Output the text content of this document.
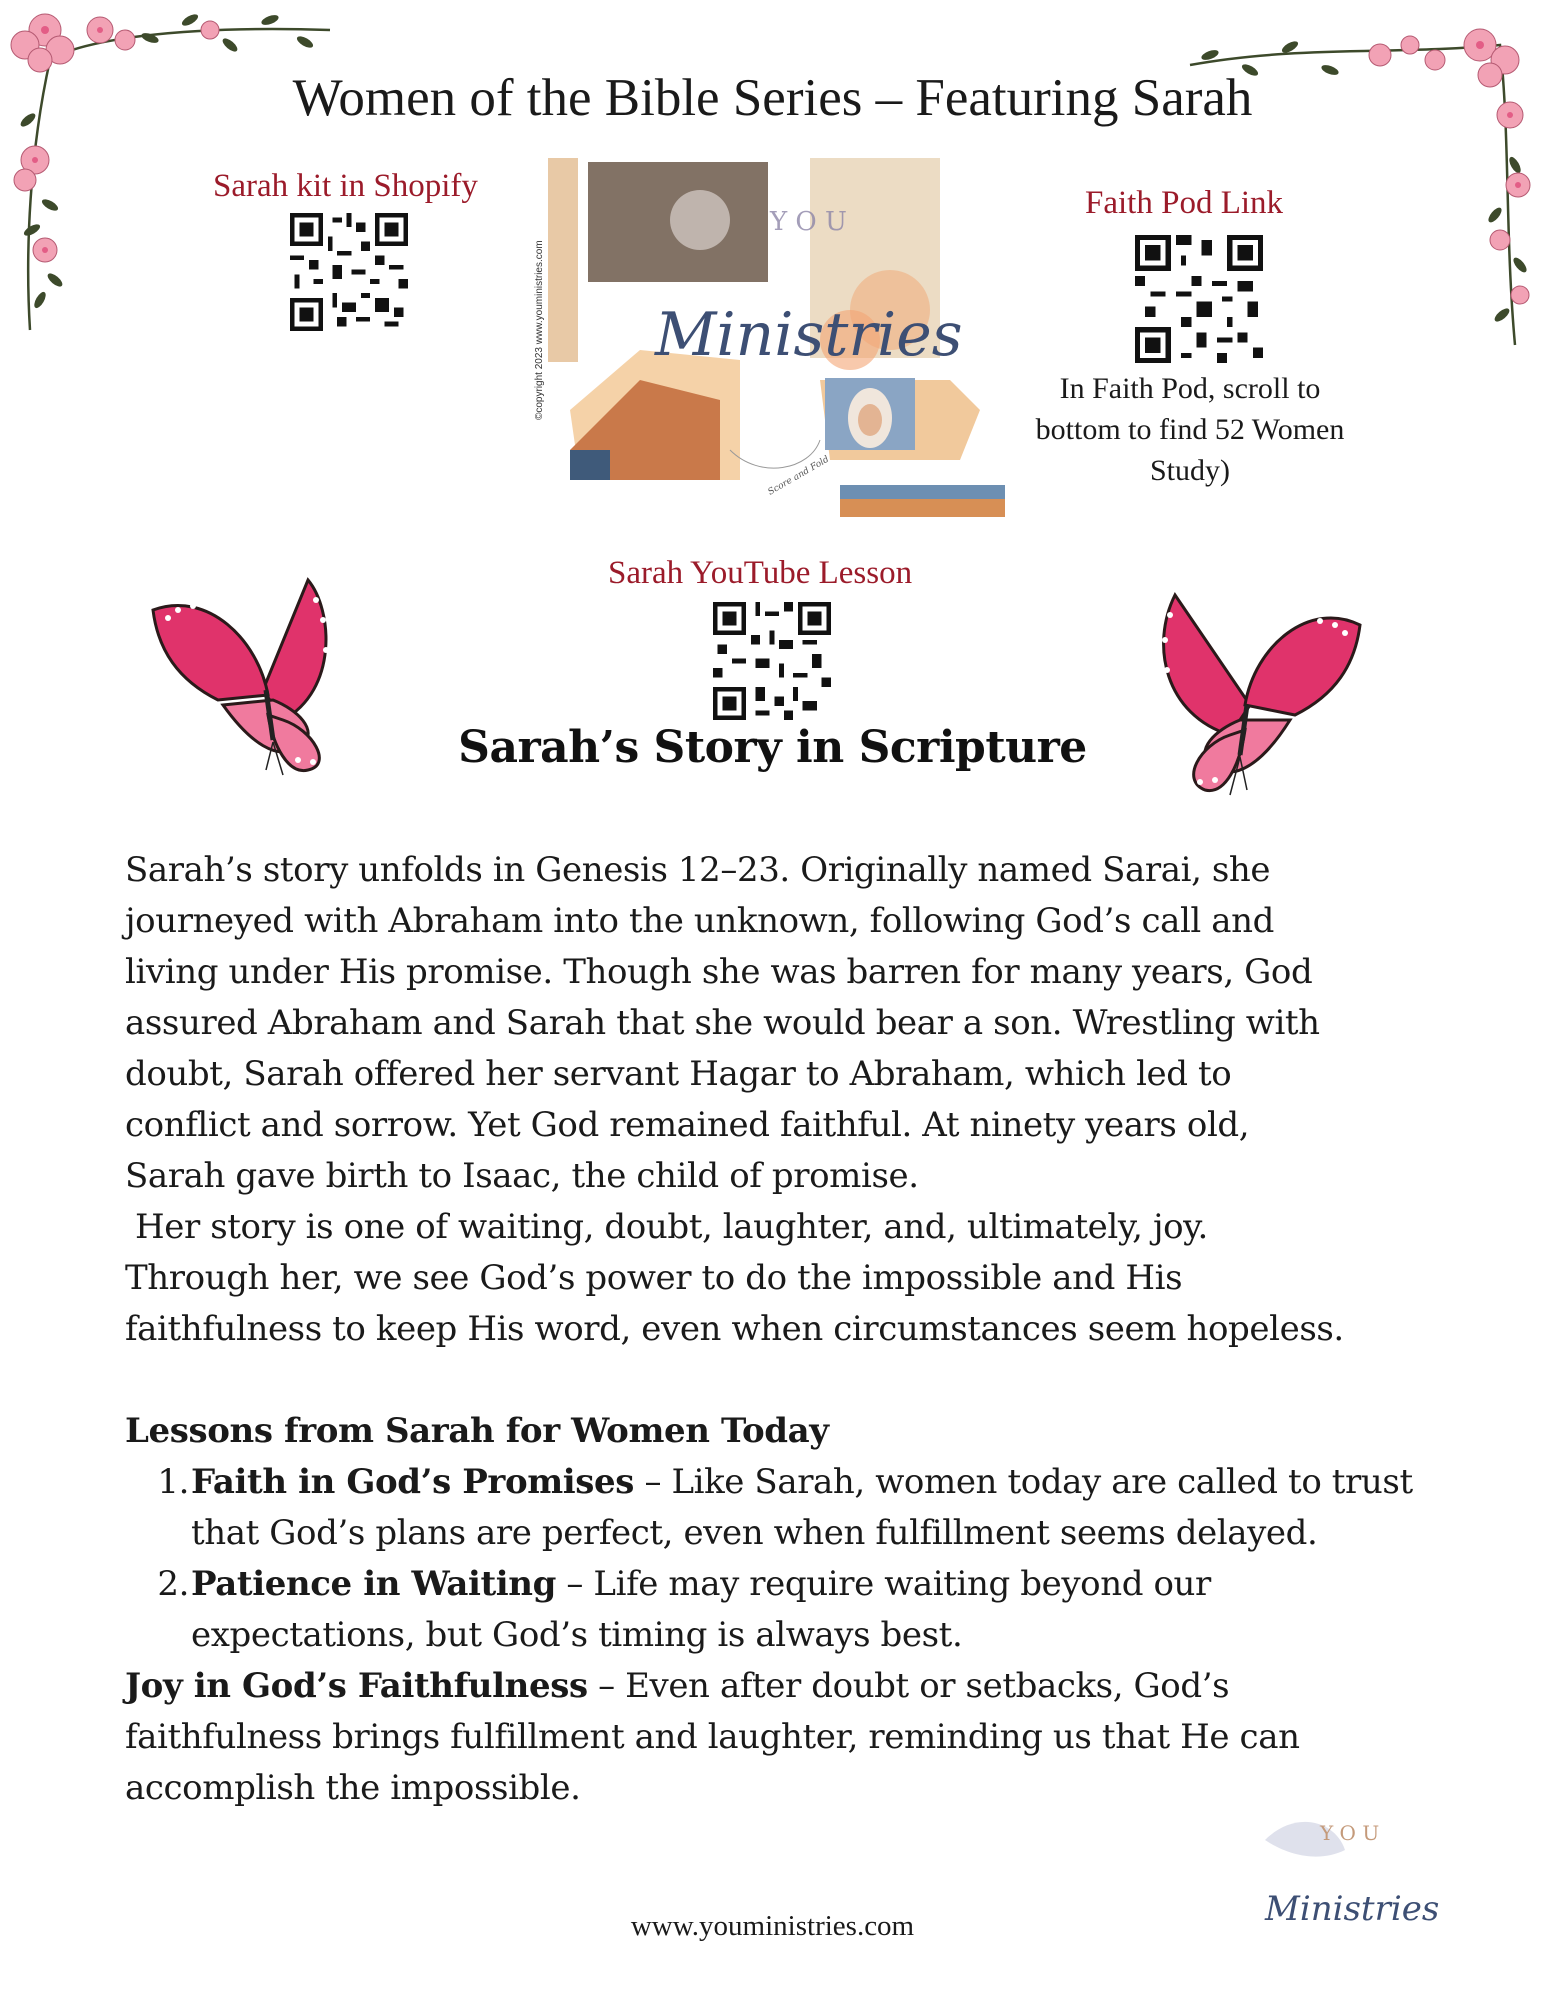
Women of the Bible Series – Featuring Sarah
Sarah kit in Shopify
©copyright 2023 www.youministries.com
Y O U
Ministries
Score and Fold
Faith Pod Link
In Faith Pod, scroll to bottom to find 52 Women Study)
Sarah YouTube Lesson
Sarah’s Story in Scripture

Sarah’s story unfolds in Genesis 12–23. Originally named Sarai, she

journeyed with Abraham into the unknown, following God’s call and

living under His promise. Though she was barren for many years, God

assured Abraham and Sarah that she would bear a son. Wrestling with

doubt, Sarah offered her servant Hagar to Abraham, which led to

conflict and sorrow. Yet God remained faithful. At ninety years old,

Sarah gave birth to Isaac, the child of promise.

Her story is one of waiting, doubt, laughter, and, ultimately, joy.

Through her, we see God’s power to do the impossible and His

faithfulness to keep His word, even when circumstances seem hopeless.

Lessons from Sarah for Women Today

1. Faith in God’s Promises – Like Sarah, women today are called to trust that God’s plans are perfect, even when fulfillment seems delayed.
2. Patience in Waiting – Life may require waiting beyond our expectations, but God’s timing is always best.

Joy in God’s Faithfulness – Even after doubt or setbacks, God’s faithfulness brings fulfillment and laughter, reminding us that He can accomplish the impossible.

Y O U
Ministries
www.youministries.com
